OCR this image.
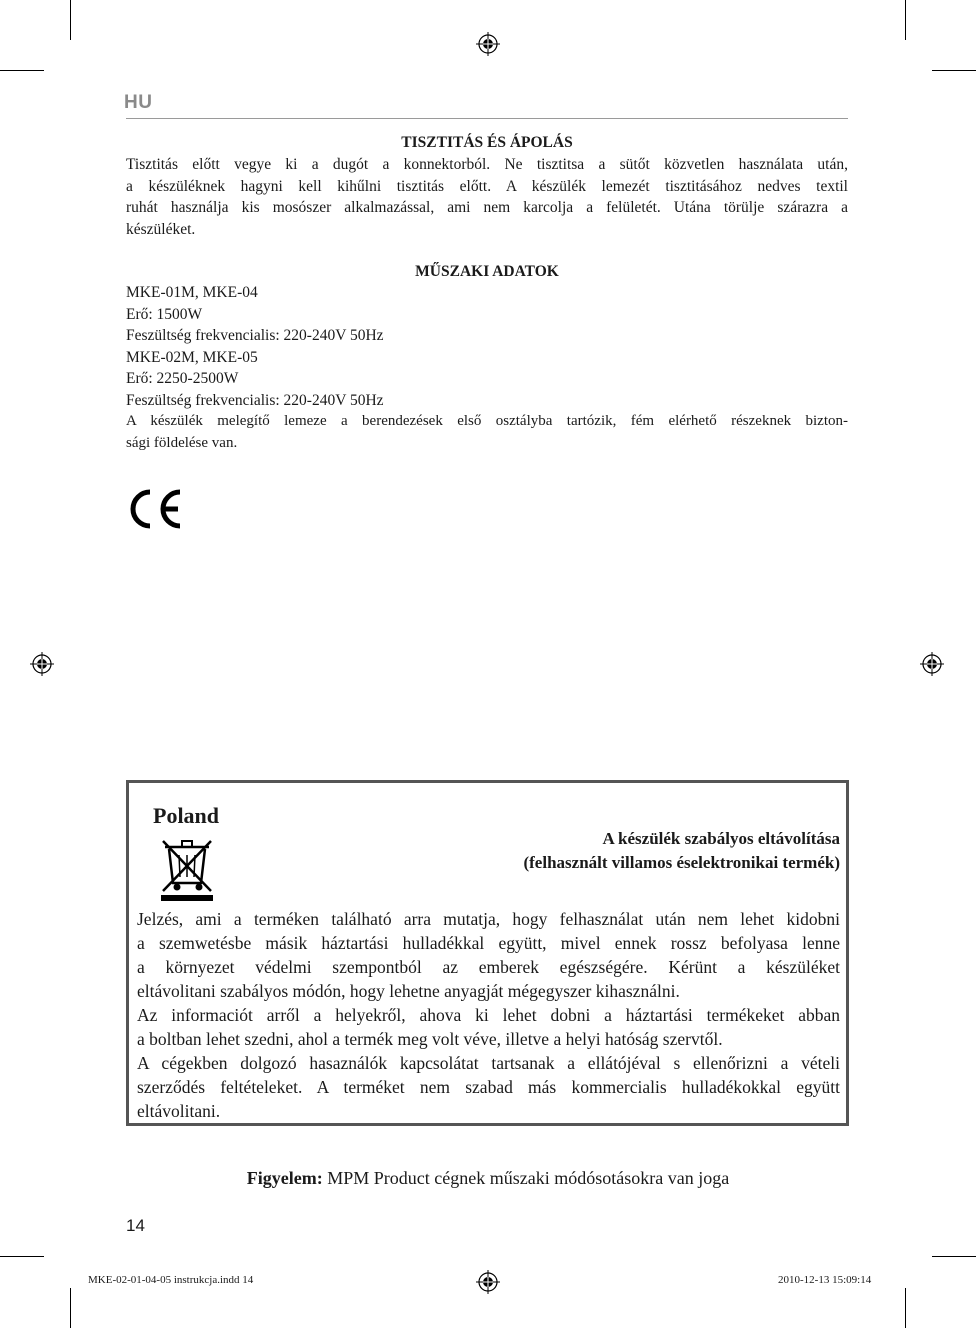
HU

TISZTITÁS ÉS ÁPOLÁS

Tisztitás előtt vegye ki a dugót a konnektorból. Ne tisztitsa a sütőt közvetlen használata után,

a készüléknek hagyni kell kihűlni tisztitás előtt. A készülék lemezét tisztitásához nedves textil

ruhát használja kis mosószer alkalmazással, ami nem karcolja a felületét. Utána törülje szárazra a

készüléket.

MŰSZAKI ADATOK

MKE-01M, MKE-04

Erő: 1500W

Feszültség frekvencialis: 220-240V 50Hz

MKE-02M, MKE-05

Erő: 2250-2500W

Feszültség frekvencialis: 220-240V 50Hz

A készülék melegítő lemeze a berendezések első osztályba tartózik, fém elérhető részeknek bizton-

sági földelése van.

Poland
A készülék szabályos eltávolítása
(felhasznált villamos éselektronikai termék)

Jelzés, ami a terméken található arra mutatja, hogy felhasználat után nem lehet kidobni

a szemwetésbe másik háztartási hulladékkal együtt, mivel ennek rossz befolyasa lenne

a környezet védelmi szempontból az emberek egészségére. Kérünt a készüléket

eltávolitani szabályos módón, hogy lehetne anyagját mégegyszer kihasználni.

Az informaciót arről a helyekről, ahova ki lehet dobni a háztartási termékeket abban

a boltban lehet szedni, ahol a termék meg volt véve, illetve a helyi hatóság szervtől.

A cégekben dolgozó hasaználók kapcsolátat tartsanak a ellátójéval s ellenőrizni a vételi

szerződés feltételeket. A terméket nem szabad más kommercialis hulladékokkal együtt

eltávolitani.

Figyelem: MPM Product cégnek műszaki módósotásokra van joga
14
MKE-02-01-04-05 instrukcja.indd 14	2010-12-13 15:09:14
